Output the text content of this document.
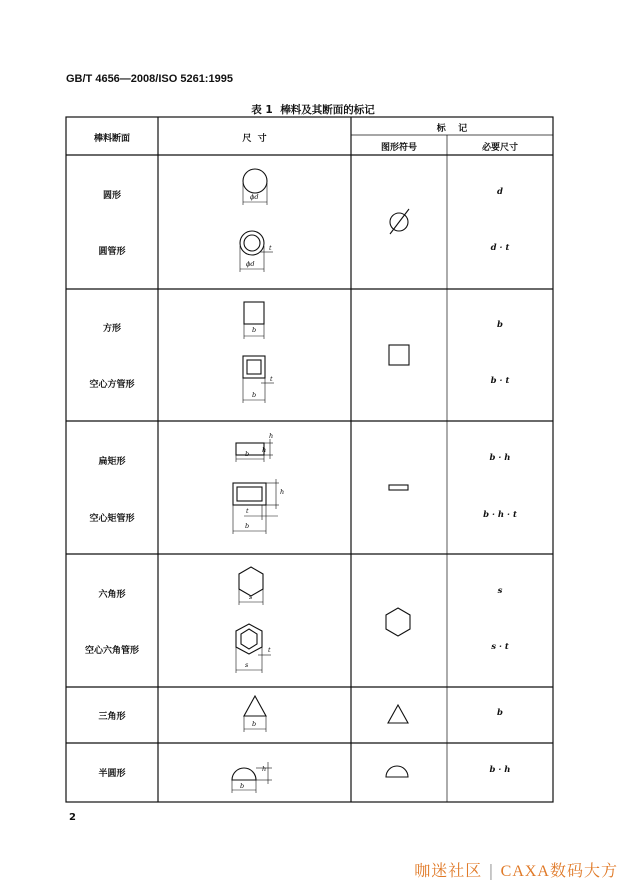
GB/T 4656—2008/ISO 5261:1995
表 1 棒料及其断面的标记
棒料断面	尺  寸
标    记
图形符号	必要尺寸
圆形
圆管形
方形
空心方管形
扁矩形
空心矩管形
六角形
空心六角管形
三角形
半圆形
d
d · t
b
b · t
b · h
b · h · t
s
s · t
b
b · h
ϕd
ϕd
t
b
b
t
b h
h
h
t
b
s
s
t
b
b
h
2
咖迷社区 | CAXA数码大方
